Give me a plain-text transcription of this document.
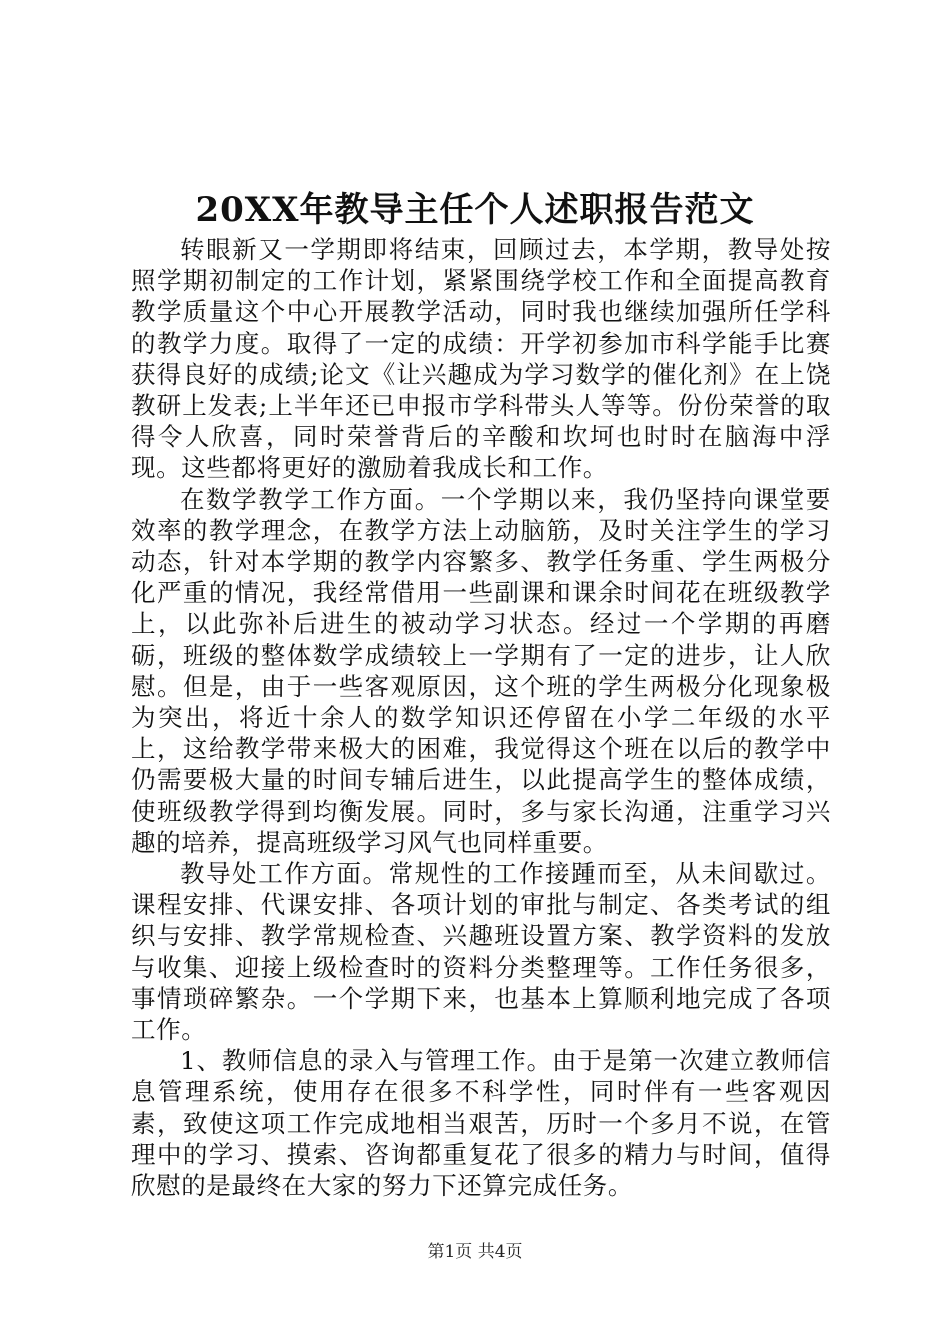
20XX年教导主任个人述职报告范文

转眼新又一学期即将结束，回顾过去，本学期，教导处按照学期初制定的工作计划，紧紧围绕学校工作和全面提高教育教学质量这个中心开展教学活动，同时我也继续加强所任学科的教学力度。取得了一定的成绩：开学初参加市科学能手比赛获得良好的成绩;论文《让兴趣成为学习数学的催化剂》在上饶教研上发表;上半年还已申报市学科带头人等等。份份荣誉的取得令人欣喜，同时荣誉背后的辛酸和坎坷也时时在脑海中浮现。这些都将更好的激励着我成长和工作。

在数学教学工作方面。一个学期以来，我仍坚持向课堂要效率的教学理念，在教学方法上动脑筋，及时关注学生的学习动态，针对本学期的教学内容繁多、教学任务重、学生两极分化严重的情况，我经常借用一些副课和课余时间花在班级教学上，以此弥补后进生的被动学习状态。经过一个学期的再磨砺，班级的整体数学成绩较上一学期有了一定的进步，让人欣慰。但是，由于一些客观原因，这个班的学生两极分化现象极为突出，将近十余人的数学知识还停留在小学二年级的水平上，这给教学带来极大的困难，我觉得这个班在以后的教学中仍需要极大量的时间专辅后进生，以此提高学生的整体成绩，使班级教学得到均衡发展。同时，多与家长沟通，注重学习兴趣的培养，提高班级学习风气也同样重要。

教导处工作方面。常规性的工作接踵而至，从未间歇过。课程安排、代课安排、各项计划的审批与制定、各类考试的组织与安排、教学常规检查、兴趣班设置方案、教学资料的发放与收集、迎接上级检查时的资料分类整理等。工作任务很多，事情琐碎繁杂。一个学期下来，也基本上算顺利地完成了各项工作。

1、教师信息的录入与管理工作。由于是第一次建立教师信息管理系统，使用存在很多不科学性，同时伴有一些客观因素，致使这项工作完成地相当艰苦，历时一个多月不说，在管理中的学习、摸索、咨询都重复花了很多的精力与时间，值得欣慰的是最终在大家的努力下还算完成任务。

第1页 共4页
